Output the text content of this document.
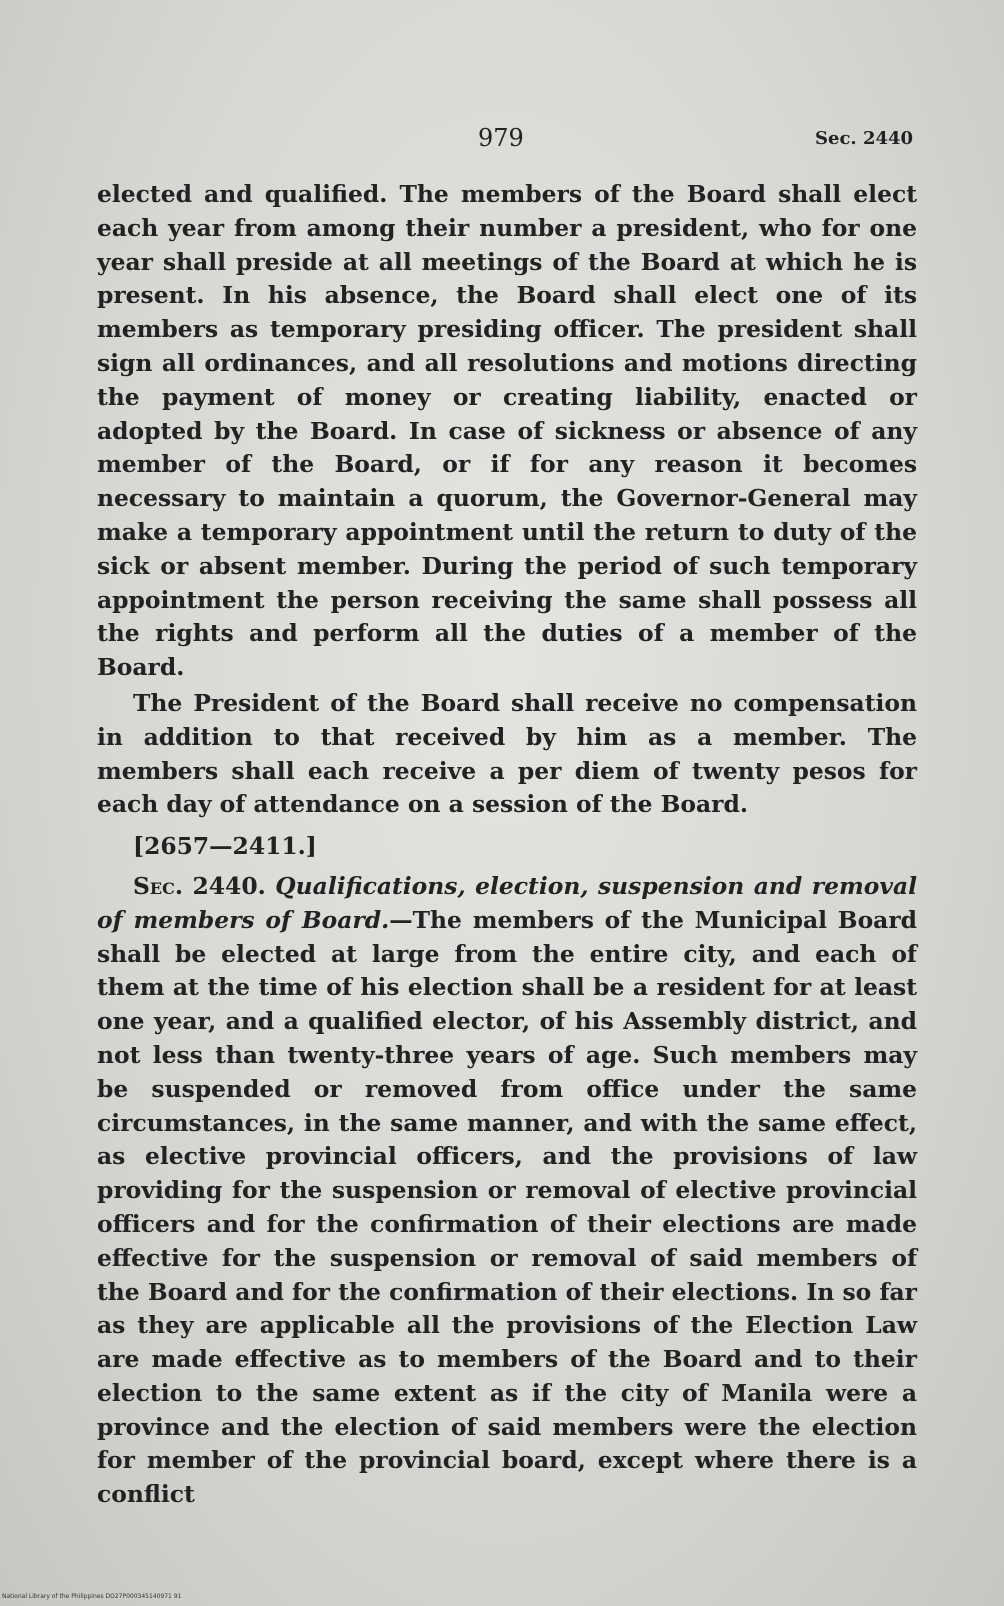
979	Sec. 2440

elected and qualified. The members of the Board shall elect each year from among their number a president, who for one year shall preside at all meetings of the Board at which he is present. In his absence, the Board shall elect one of its members as temporary presiding officer. The president shall sign all ordinances, and all resolutions and motions directing the payment of money or creating liability, enacted or adopted by the Board. In case of sickness or absence of any member of the Board, or if for any reason it becomes necessary to maintain a quorum, the Governor-General may make a temporary appointment until the return to duty of the sick or absent member. During the period of such temporary appointment the person receiving the same shall possess all the rights and perform all the duties of a member of the Board.

The President of the Board shall receive no compensation in addition to that received by him as a member. The members shall each receive a per diem of twenty pesos for each day of attendance on a session of the Board.

[2657—2411.]

Sec. 2440. Qualifications, election, suspension and removal of members of Board.—The members of the Municipal Board shall be elected at large from the entire city, and each of them at the time of his election shall be a resident for at least one year, and a qualified elector, of his Assembly district, and not less than twenty-three years of age. Such members may be suspended or removed from office under the same circumstances, in the same manner, and with the same effect, as elective provincial officers, and the provisions of law providing for the suspension or removal of elective provincial officers and for the confirmation of their elections are made effective for the suspension or removal of said members of the Board and for the confirmation of their elections. In so far as they are applicable all the provisions of the Election Law are made effective as to members of the Board and to their election to the same extent as if the city of Manila were a province and the election of said members were the election for member of the provincial board, except where there is a conflict

National Library of the Philippines DO27P000345140971 91
